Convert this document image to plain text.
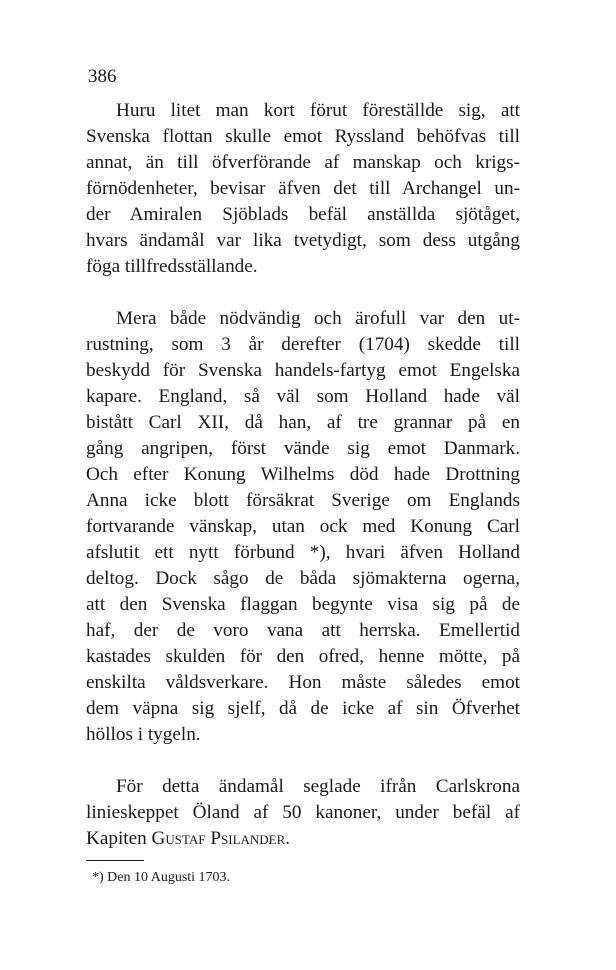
386

Huru litet man kort förut föreställde sig, att
Svenska flottan skulle emot Ryssland behöfvas till
annat, än till öfverförande af manskap och krigs-
förnödenheter, bevisar äfven det till Archangel un-
der Amiralen Sjöblads befäl anställda sjötåget,
hvars ändamål var lika tvetydigt, som dess utgång
föga tillfredsställande.

Mera både nödvändig och ärofull var den ut-
rustning, som 3 år derefter (1704) skedde till
beskydd för Svenska handels-fartyg emot Engelska
kapare. England, så väl som Holland hade väl
bistått Carl XII, då han, af tre grannar på en
gång angripen, först vände sig emot Danmark.
Och efter Konung Wilhelms död hade Drottning
Anna icke blott försäkrat Sverige om Englands
fortvarande vänskap, utan ock med Konung Carl
afslutit ett nytt förbund *), hvari äfven Holland
deltog. Dock sågo de båda sjömakterna ogerna,
att den Svenska flaggan begynte visa sig på de
haf, der de voro vana att herrska. Emellertid
kastades skulden för den ofred, henne mötte, på
enskilta våldsverkare. Hon måste således emot
dem väpna sig sjelf, då de icke af sin Öfverhet
höllos i tygeln.

För detta ändamål seglade ifrån Carlskrona
linieskeppet Öland af 50 kanoner, under befäl af
Kapiten Gustaf Psilander.

*) Den 10 Augusti 1703.
